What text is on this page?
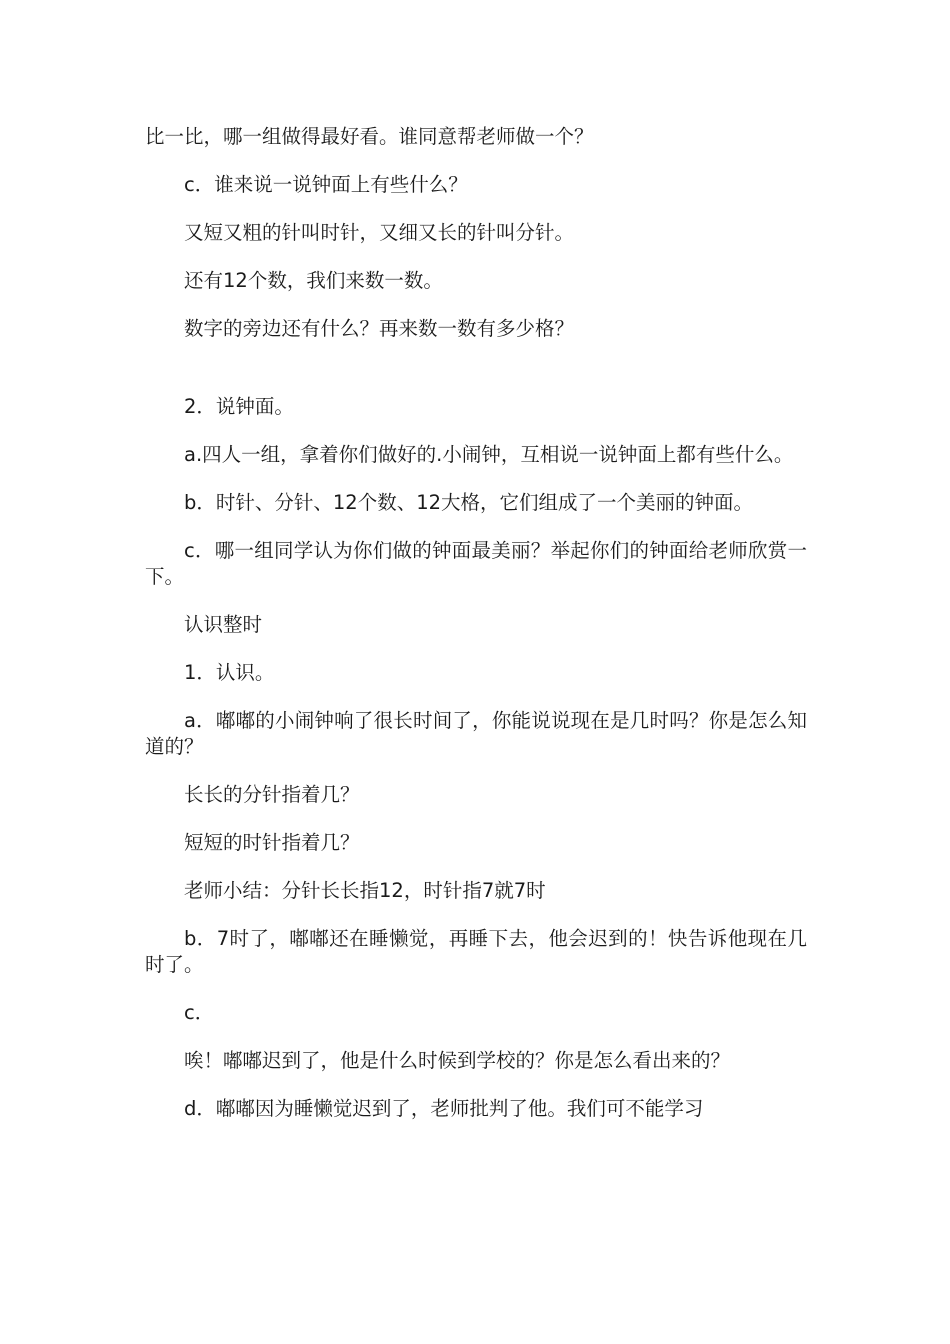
比一比，哪一组做得最好看。谁同意帮老师做一个？

c．谁来说一说钟面上有些什么？

又短又粗的针叫时针，又细又长的针叫分针。

还有12个数，我们来数一数。

数字的旁边还有什么？再来数一数有多少格？

2．说钟面。

a.四人一组，拿着你们做好的.小闹钟，互相说一说钟面上都有些什么。

b．时针、分针、12个数、12大格，它们组成了一个美丽的钟面。

c．哪一组同学认为你们做的钟面最美丽？举起你们的钟面给老师欣赏一下。

认识整时

1．认识。

a．嘟嘟的小闹钟响了很长时间了，你能说说现在是几时吗？你是怎么知道的？

长长的分针指着几？

短短的时针指着几？

老师小结：分针长长指12，时针指7就7时

b．7时了，嘟嘟还在睡懒觉，再睡下去，他会迟到的！快告诉他现在几时了。

c．

唉！嘟嘟迟到了，他是什么时候到学校的？你是怎么看出来的？

d．嘟嘟因为睡懒觉迟到了，老师批判了他。我们可不能学习
